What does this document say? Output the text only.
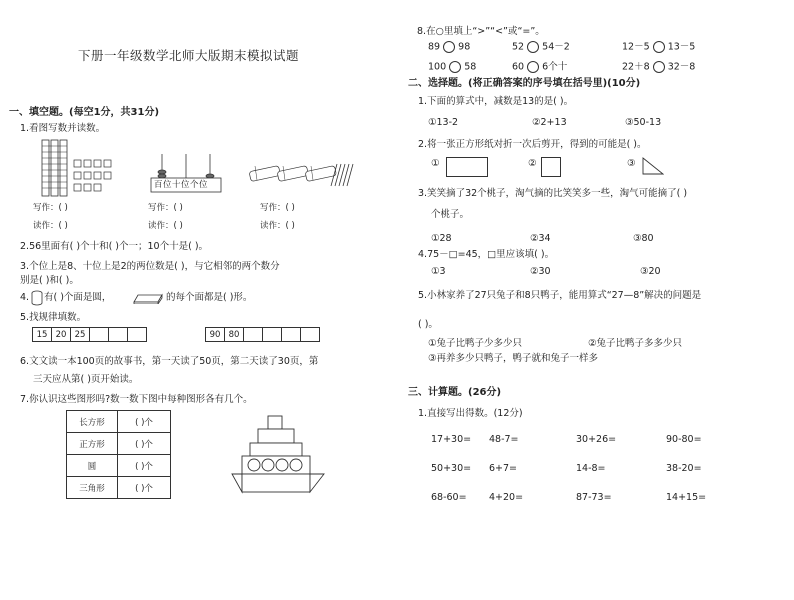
下册一年级数学北师大版期末模拟试题
一、填空题。(每空1分，共31分)
1.看图写数并读数。
百位十位个位
写作：( )
读作：( )
写作：( )
读作：( )
写作：( )
读作：( )
2.56里面有( )个十和( )个一；10个十是( )。
3.个位上是8、十位上是2的两位数是( )，与它相邻的两个数分
别是( )和( )。
4. 有( )个面是圆，	的每个面都是( )形。
5.找规律填数。
15	20	25				90	80				
6.文文读一本100页的故事书，第一天读了50页，第二天读了30页，第
三天应从第( )页开始读。
7.你认识这些图形吗?数一数下图中每种图形各有几个。
长方形	( )个
正方形	( )个
圆	( )个
三角形	( )个
8.在○里填上“>”“<”或“=”。
89 98	52 54－2	12－5 13－5
100 58	60 6个十	22＋8 32－8
二、选择题。(将正确答案的序号填在括号里)(10分)
1.下面的算式中，减数是13的是( )。
①13-2	②2+13	③50-13
2.将一张正方形纸对折一次后剪开，得到的可能是( )。
①	②	③
3.笑笑摘了32个桃子，淘气摘的比笑笑多一些，淘气可能摘了( )
个桃子。
①28	②34	③80
4.75－□=45，□里应该填( )。
①3	②30	③20
5.小林家养了27只兔子和8只鸭子，能用算式“27—8”解决的问题是
( )。
①兔子比鸭子少多少只	②兔子比鸭子多多少只
③再养多少只鸭子，鸭子就和兔子一样多
三、计算题。(26分)
1.直接写出得数。(12分)
17+30= 48-7=	30+26=	90-80=
50+30= 6+7=	14-8=	38-20=
68-60= 4+20=	87-73=	14+15=
